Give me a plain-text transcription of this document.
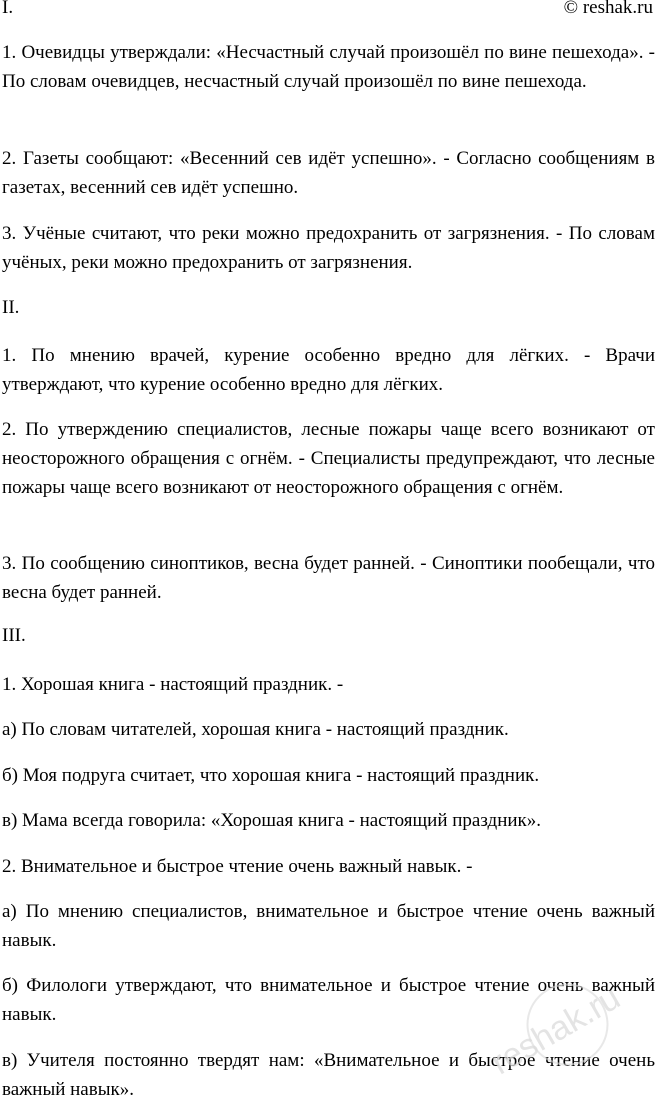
I.	© reshak.ru

1. Очевидцы утверждали: «Несчастный случай произошёл по вине пешехода». - По словам очевидцев, несчастный случай произошёл по вине пешехода.

2. Газеты сообщают: «Весенний сев идёт успешно». - Согласно сообщениям в газетах, весенний сев идёт успешно.

3. Учёные считают, что реки можно предохранить от загрязнения. - По словам учёных, реки можно предохранить от загрязнения.

II.

1. По мнению врачей, курение особенно вредно для лёгких. - Врачи утверждают, что курение особенно вредно для лёгких.

2. По утверждению специалистов, лесные пожары чаще всего возникают от неосторожного обращения с огнём. - Специалисты предупреждают, что лесные пожары чаще всего возникают от неосторожного обращения с огнём.

3. По сообщению синоптиков, весна будет ранней. - Синоптики пообещали, что весна будет ранней.

III.

1. Хорошая книга - настоящий праздник. -

а) По словам читателей, хорошая книга - настоящий праздник.

б) Моя подруга считает, что хорошая книга - настоящий праздник.

в) Мама всегда говорила: «Хорошая книга - настоящий праздник».

2. Внимательное и быстрое чтение очень важный навык. -

а) По мнению специалистов, внимательное и быстрое чтение очень важный навык.

б) Филологи утверждают, что внимательное и быстрое чтение очень важный навык.

в) Учителя постоянно твердят нам: «Внимательное и быстрое чтение очень важный навык».

reshak.ru
